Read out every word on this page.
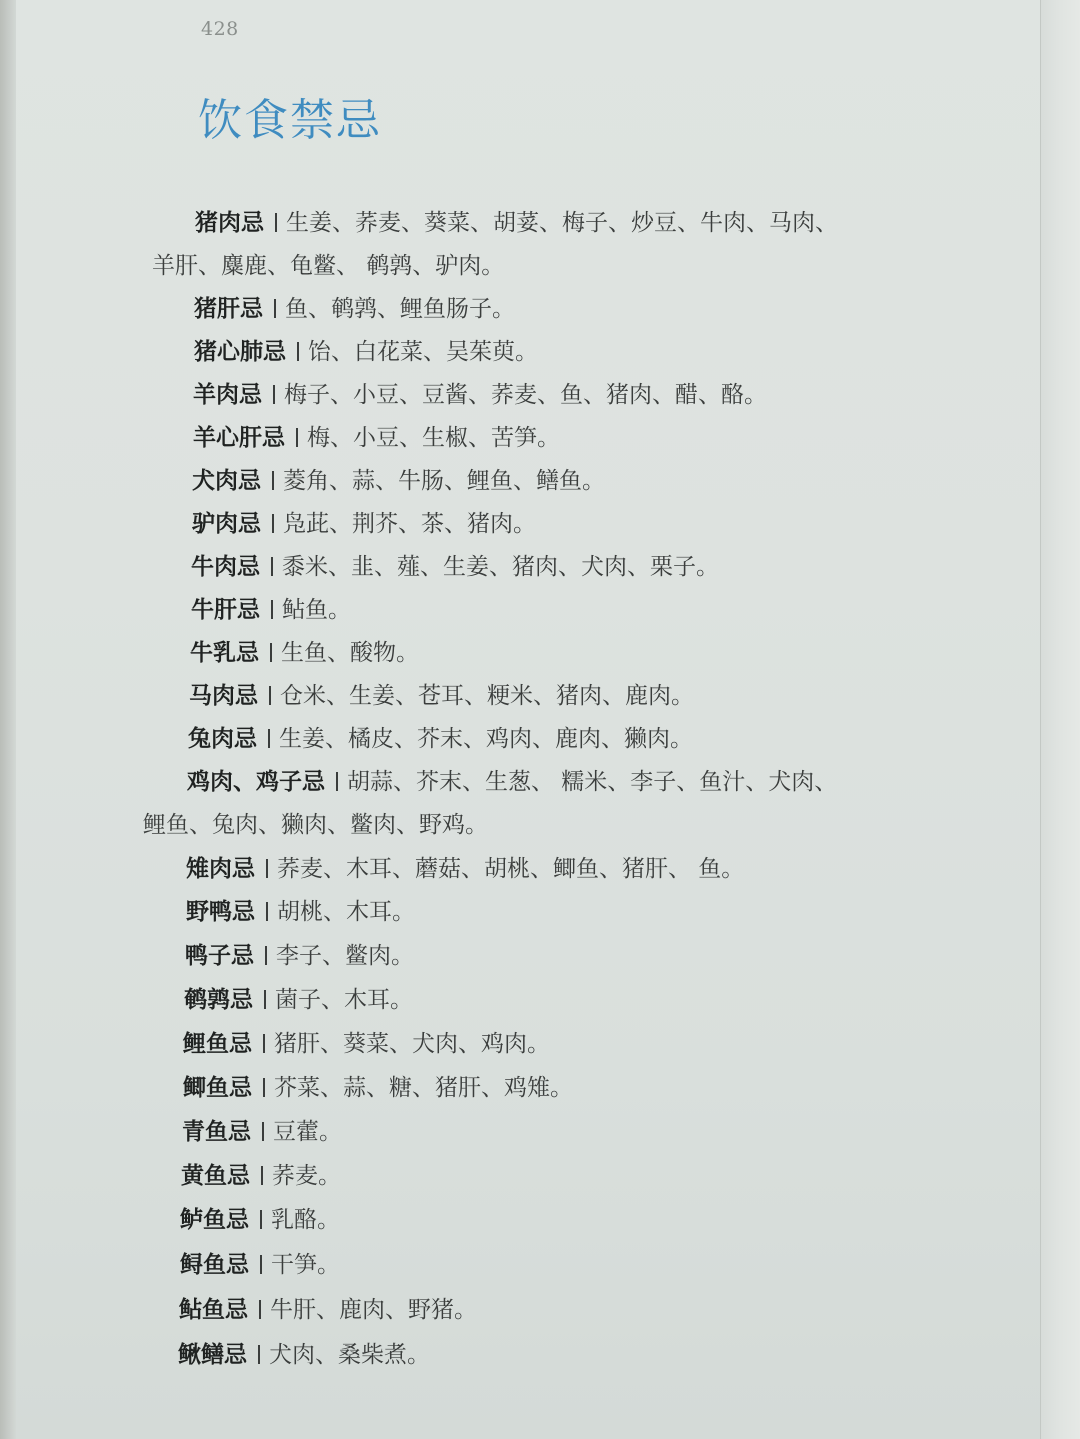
428
饮食禁忌
猪肉忌 生姜、荞麦、葵菜、胡荽、梅子、炒豆、牛肉、马肉、
羊肝、麋鹿、龟鳖、 鹌鹑、驴肉。
猪肝忌 鱼、鹌鹑、鲤鱼肠子。
猪心肺忌 饴、白花菜、吴茱萸。
羊肉忌 梅子、小豆、豆酱、荞麦、鱼、猪肉、醋、酪。
羊心肝忌 梅、小豆、生椒、苦笋。
犬肉忌 菱角、蒜、牛肠、鲤鱼、鳝鱼。
驴肉忌 凫茈、荆芥、茶、猪肉。
牛肉忌 黍米、韭、薤、生姜、猪肉、犬肉、栗子。
牛肝忌 鲇鱼。
牛乳忌 生鱼、酸物。
马肉忌 仓米、生姜、苍耳、粳米、猪肉、鹿肉。
兔肉忌 生姜、橘皮、芥末、鸡肉、鹿肉、獭肉。
鸡肉、鸡子忌 胡蒜、芥末、生葱、 糯米、李子、鱼汁、犬肉、
鲤鱼、兔肉、獭肉、鳖肉、野鸡。
雉肉忌 荞麦、木耳、蘑菇、胡桃、鲫鱼、猪肝、 鱼。
野鸭忌 胡桃、木耳。
鸭子忌 李子、鳖肉。
鹌鹑忌 菌子、木耳。
鲤鱼忌 猪肝、葵菜、犬肉、鸡肉。
鲫鱼忌 芥菜、蒜、糖、猪肝、鸡雉。
青鱼忌 豆藿。
黄鱼忌 荞麦。
鲈鱼忌 乳酪。
鲟鱼忌 干笋。
鲇鱼忌 牛肝、鹿肉、野猪。
鳅鳝忌 犬肉、桑柴煮。
